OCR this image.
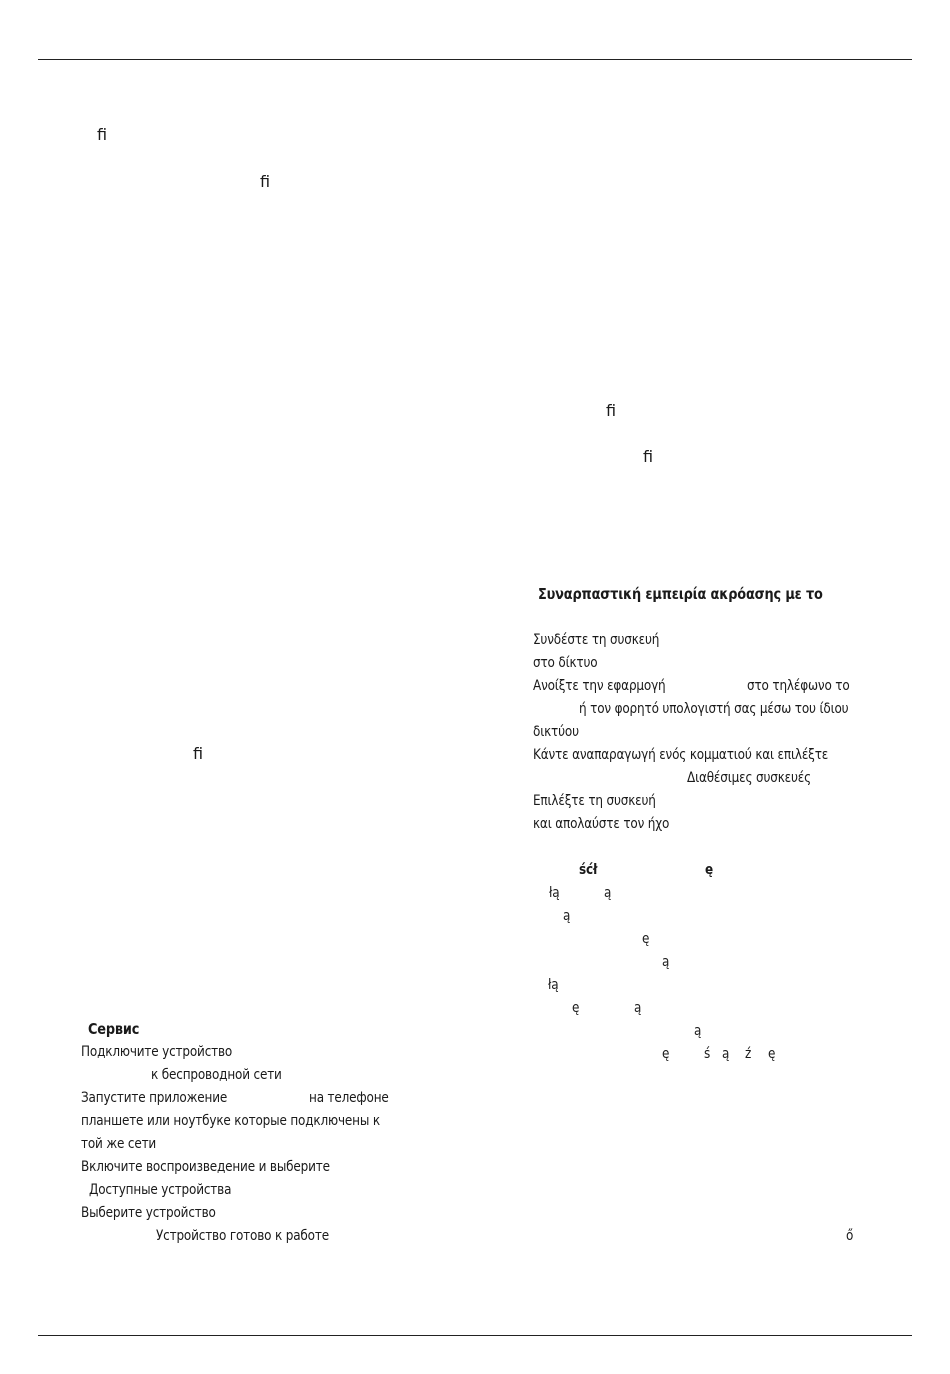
ﬁ
ﬁ
ﬁ
ﬁ
ﬁ
Συναρπαστική εμπειρία ακρόασης με το
Συνδέστε τη συσκευή
στο δίκτυο
Ανοίξτε την εφαρμογή	στο τηλέφωνο το
ή τον φορητό υπολογιστή σας μέσω του ίδιου
δικτύου
Κάντε αναπαραγωγή ενός κομματιού και επιλέξτε
Διαθέσιμες συσκευές
Επιλέξτε τη συσκευή
και απολαύστε τον ήχο
śćł	ę
łą	ą
ą
ę
ą
łą
ę	ą
ą
ę ś ą ź ę
Сервис
Подключите устройство
к беспроводной сети
Запустите приложение	на телефоне
планшете или ноутбуке которые подключены к
той же сети
Включите воспроизведение и выберите
Доступные устройства
Выберите устройство
Устройство готово к работе	ő
